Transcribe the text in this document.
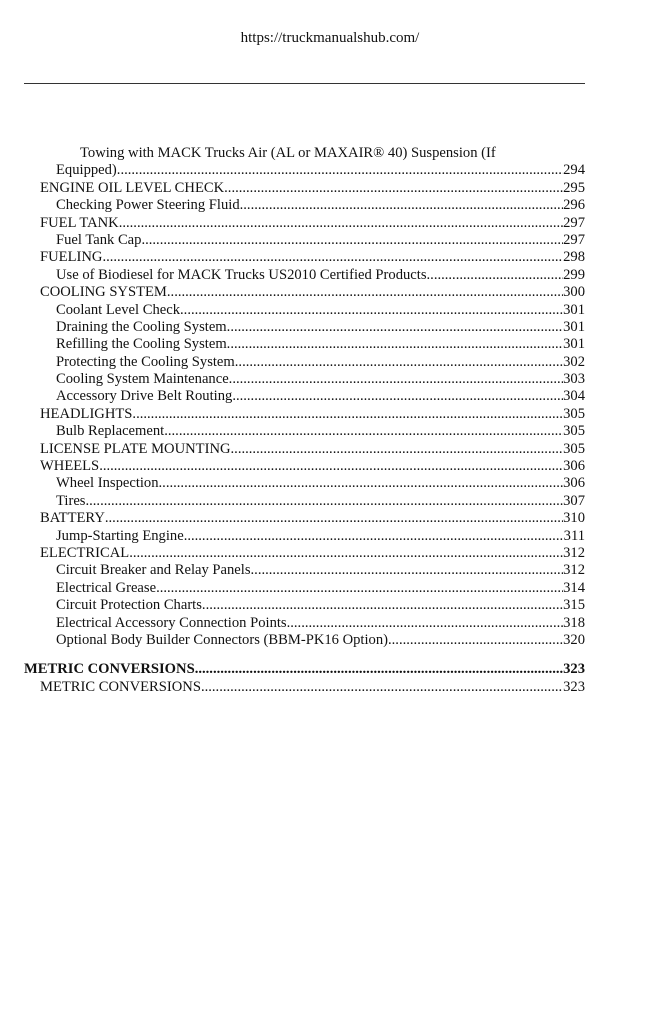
https://truckmanualshub.com/
Towing with MACK Trucks Air (AL or MAXAIR® 40) Suspension (If
Equipped) .....	294
ENGINE OIL LEVEL CHECK .....	295
Checking Power Steering Fluid .....	296
FUEL TANK .....	297
Fuel Tank Cap .....	297
FUELING .....	298
Use of Biodiesel for MACK Trucks US2010 Certified Products .....	299
COOLING SYSTEM .....	300
Coolant Level Check .....	301
Draining the Cooling System .....	301
Refilling the Cooling System .....	301
Protecting the Cooling System .....	302
Cooling System Maintenance .....	303
Accessory Drive Belt Routing .....	304
HEADLIGHTS .....	305
Bulb Replacement .....	305
LICENSE PLATE MOUNTING .....	305
WHEELS .....	306
Wheel Inspection .....	306
Tires .....	307
BATTERY .....	310
Jump-Starting Engine .....	311
ELECTRICAL .....	312
Circuit Breaker and Relay Panels .....	312
Electrical Grease .....	314
Circuit Protection Charts .....	315
Electrical Accessory Connection Points .....	318
Optional Body Builder Connectors (BBM-PK16 Option) .....	320
METRIC CONVERSIONS .....	323
METRIC CONVERSIONS .....	323
